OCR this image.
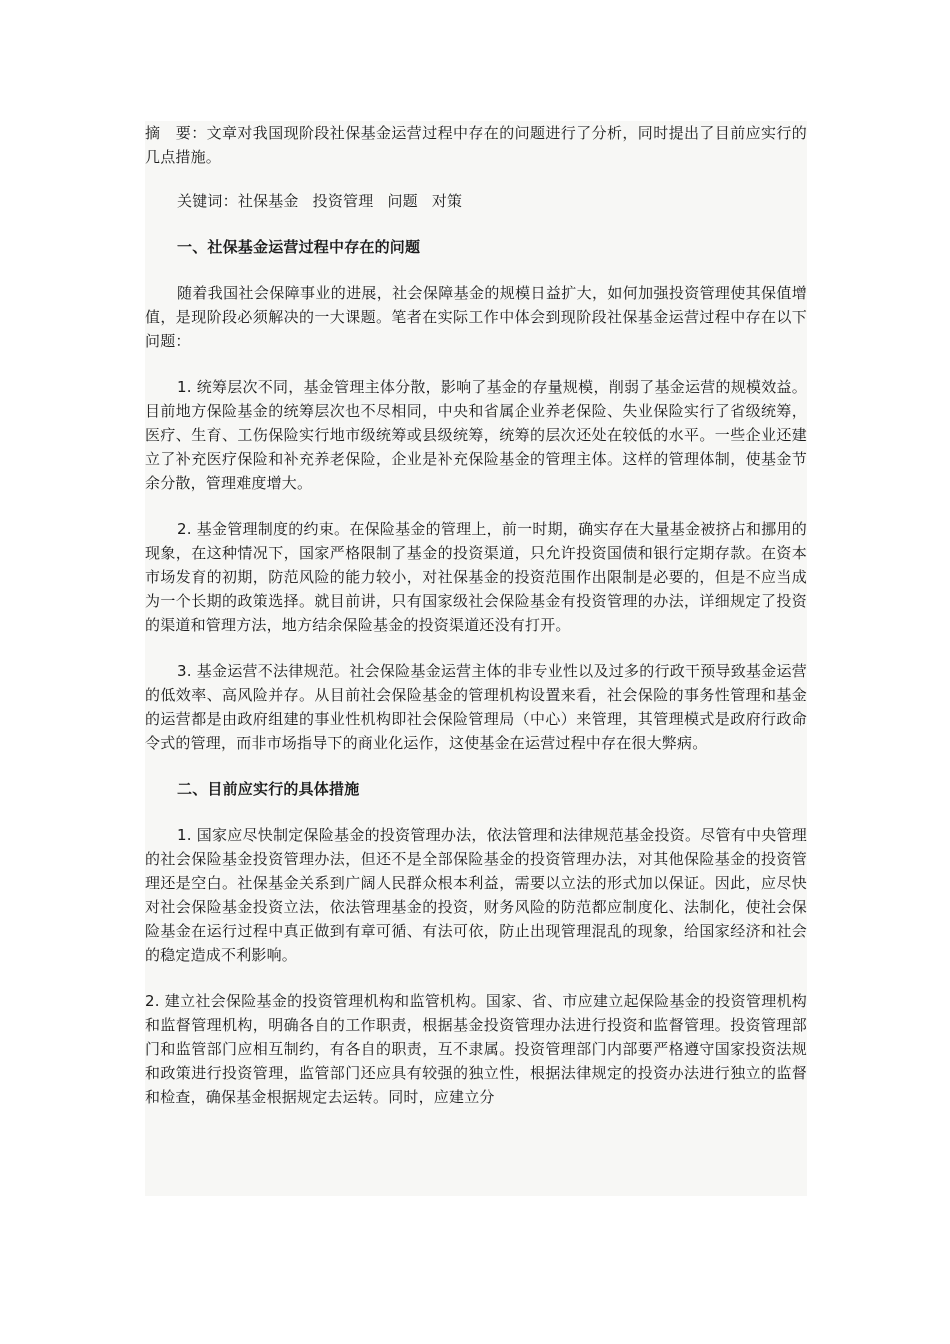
摘　要：文章对我国现阶段社保基金运营过程中存在的问题进行了分析，同时提出了目前应实行的几点措施。

关键词：社保基金 投资管理 问题 对策

一、社保基金运营过程中存在的问题

随着我国社会保障事业的进展，社会保障基金的规模日益扩大，如何加强投资管理使其保值增值，是现阶段必须解决的一大课题。笔者在实际工作中体会到现阶段社保基金运营过程中存在以下问题：

1. 统筹层次不同，基金管理主体分散，影响了基金的存量规模，削弱了基金运营的规模效益。目前地方保险基金的统筹层次也不尽相同，中央和省属企业养老保险、失业保险实行了省级统筹，医疗、生育、工伤保险实行地市级统筹或县级统筹，统筹的层次还处在较低的水平。一些企业还建立了补充医疗保险和补充养老保险，企业是补充保险基金的管理主体。这样的管理体制，使基金节余分散，管理难度增大。

2. 基金管理制度的约束。在保险基金的管理上，前一时期，确实存在大量基金被挤占和挪用的现象，在这种情况下，国家严格限制了基金的投资渠道，只允许投资国债和银行定期存款。在资本市场发育的初期，防范风险的能力较小，对社保基金的投资范围作出限制是必要的，但是不应当成为一个长期的政策选择。就目前讲，只有国家级社会保险基金有投资管理的办法，详细规定了投资的渠道和管理方法，地方结余保险基金的投资渠道还没有打开。

3. 基金运营不法律规范。社会保险基金运营主体的非专业性以及过多的行政干预导致基金运营的低效率、高风险并存。从目前社会保险基金的管理机构设置来看，社会保险的事务性管理和基金的运营都是由政府组建的事业性机构即社会保险管理局（中心）来管理，其管理模式是政府行政命令式的管理，而非市场指导下的商业化运作，这使基金在运营过程中存在很大弊病。

二、目前应实行的具体措施

1. 国家应尽快制定保险基金的投资管理办法，依法管理和法律规范基金投资。尽管有中央管理的社会保险基金投资管理办法，但还不是全部保险基金的投资管理办法，对其他保险基金的投资管理还是空白。社保基金关系到广阔人民群众根本利益，需要以立法的形式加以保证。因此，应尽快对社会保险基金投资立法，依法管理基金的投资，财务风险的防范都应制度化、法制化，使社会保险基金在运行过程中真正做到有章可循、有法可依，防止出现管理混乱的现象，给国家经济和社会的稳定造成不利影响。

2. 建立社会保险基金的投资管理机构和监管机构。国家、省、市应建立起保险基金的投资管理机构和监督管理机构，明确各自的工作职责，根据基金投资管理办法进行投资和监督管理。投资管理部门和监管部门应相互制约，有各自的职责，互不隶属。投资管理部门内部要严格遵守国家投资法规和政策进行投资管理，监管部门还应具有较强的独立性，根据法律规定的投资办法进行独立的监督和检查，确保基金根据规定去运转。同时，应建立分
